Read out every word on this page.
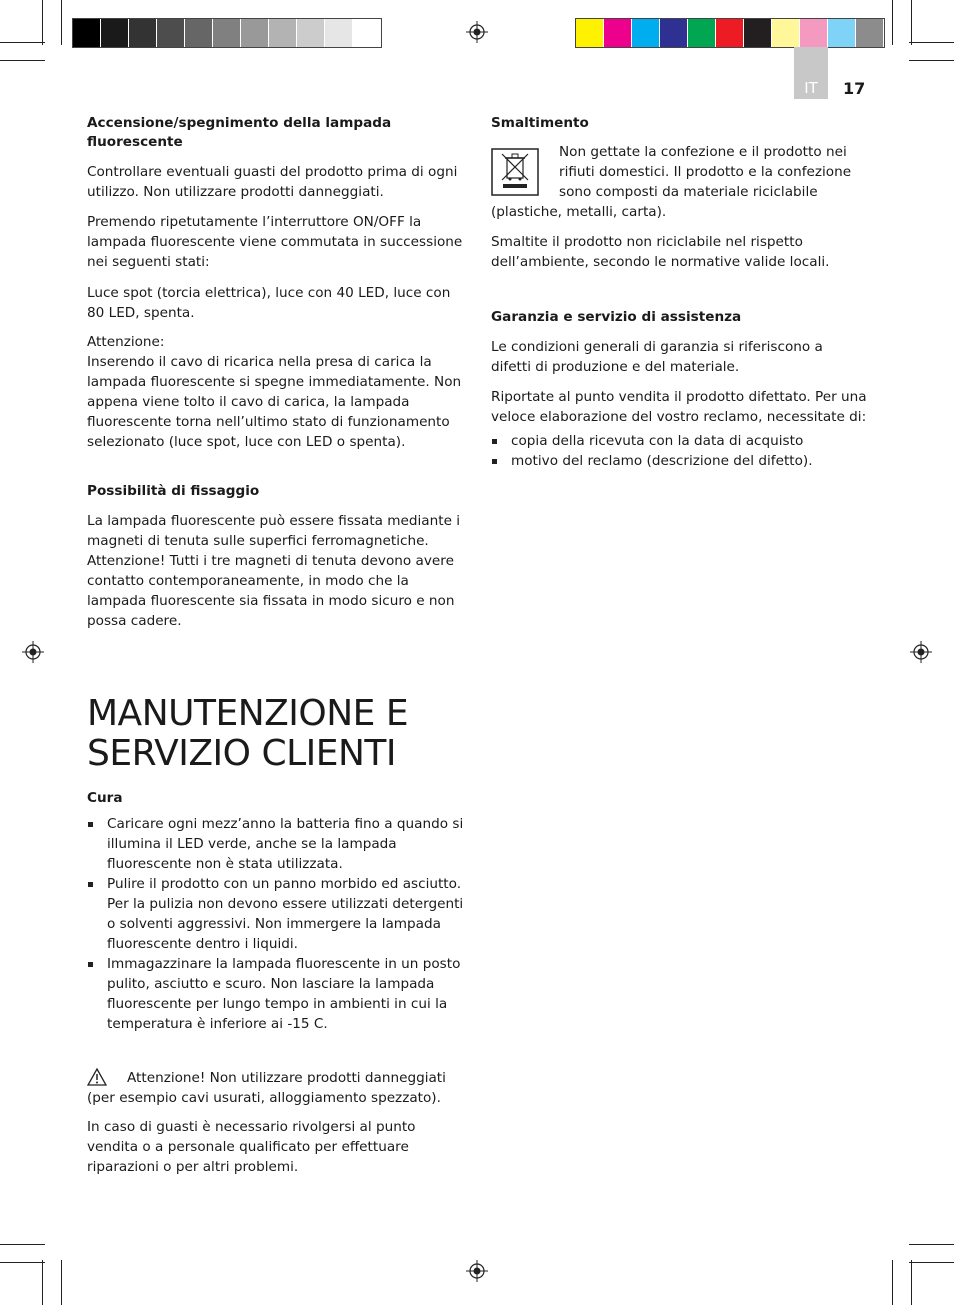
IT	17
Accensione/spegnimento della lampada fluorescente

Controllare eventuali guasti del prodotto prima di ogni utilizzo. Non utilizzare prodotti danneggiati.

Premendo ripetutamente l’interruttore ON/OFF la lampada fluorescente viene commutata in successione nei seguenti stati:

Luce spot (torcia elettrica), luce con 40 LED, luce con 80 LED, spenta.

Attenzione:

Inserendo il cavo di ricarica nella presa di carica la lampada fluorescente si spegne immediatamente. Non appena viene tolto il cavo di carica, la lampada fluorescente torna nell’ultimo stato di funzionamento selezionato (luce spot, luce con LED o spenta).

Possibilità di fissaggio

La lampada fluorescente può essere fissata mediante i magneti di tenuta sulle superfici ferromagnetiche. Attenzione! Tutti i tre magneti di tenuta devono avere contatto contemporaneamente, in modo che la lampada fluorescente sia fissata in modo sicuro e non possa cadere.

MANUTENZIONE E
SERVIZIO CLIENTI
Cura
Caricare ogni mezz’anno la batteria fino a quando si illumina il LED verde, anche se la lampada fluorescente non è stata utilizzata.
Pulire il prodotto con un panno morbido ed asciutto. Per la pulizia non devono essere utilizzati detergenti o solventi aggressivi. Non immergere la lampada fluorescente dentro i liquidi.
Immagazzinare la lampada fluorescente in un posto pulito, asciutto e scuro. Non lasciare la lampada fluorescente per lungo tempo in ambienti in cui la temperatura è inferiore ai -15 C.

Attenzione! Non utilizzare prodotti danneggiati (per esempio cavi usurati, alloggiamento spezzato).

In caso di guasti è necessario rivolgersi al punto vendita o a personale qualificato per effettuare riparazioni o per altri problemi.

Smaltimento

Non gettate la confezione e il prodotto nei rifiuti domestici. Il prodotto e la confezione sono composti da materiale riciclabile (plastiche, metalli, carta).

Smaltite il prodotto non riciclabile nel rispetto dell’ambiente, secondo le normative valide locali.

Garanzia e servizio di assistenza

Le condizioni generali di garanzia si riferiscono a difetti di produzione e del materiale.

Riportate al punto vendita il prodotto difettato. Per una veloce elaborazione del vostro reclamo, necessitate di:

copia della ricevuta con la data di acquisto
motivo del reclamo (descrizione del difetto).
